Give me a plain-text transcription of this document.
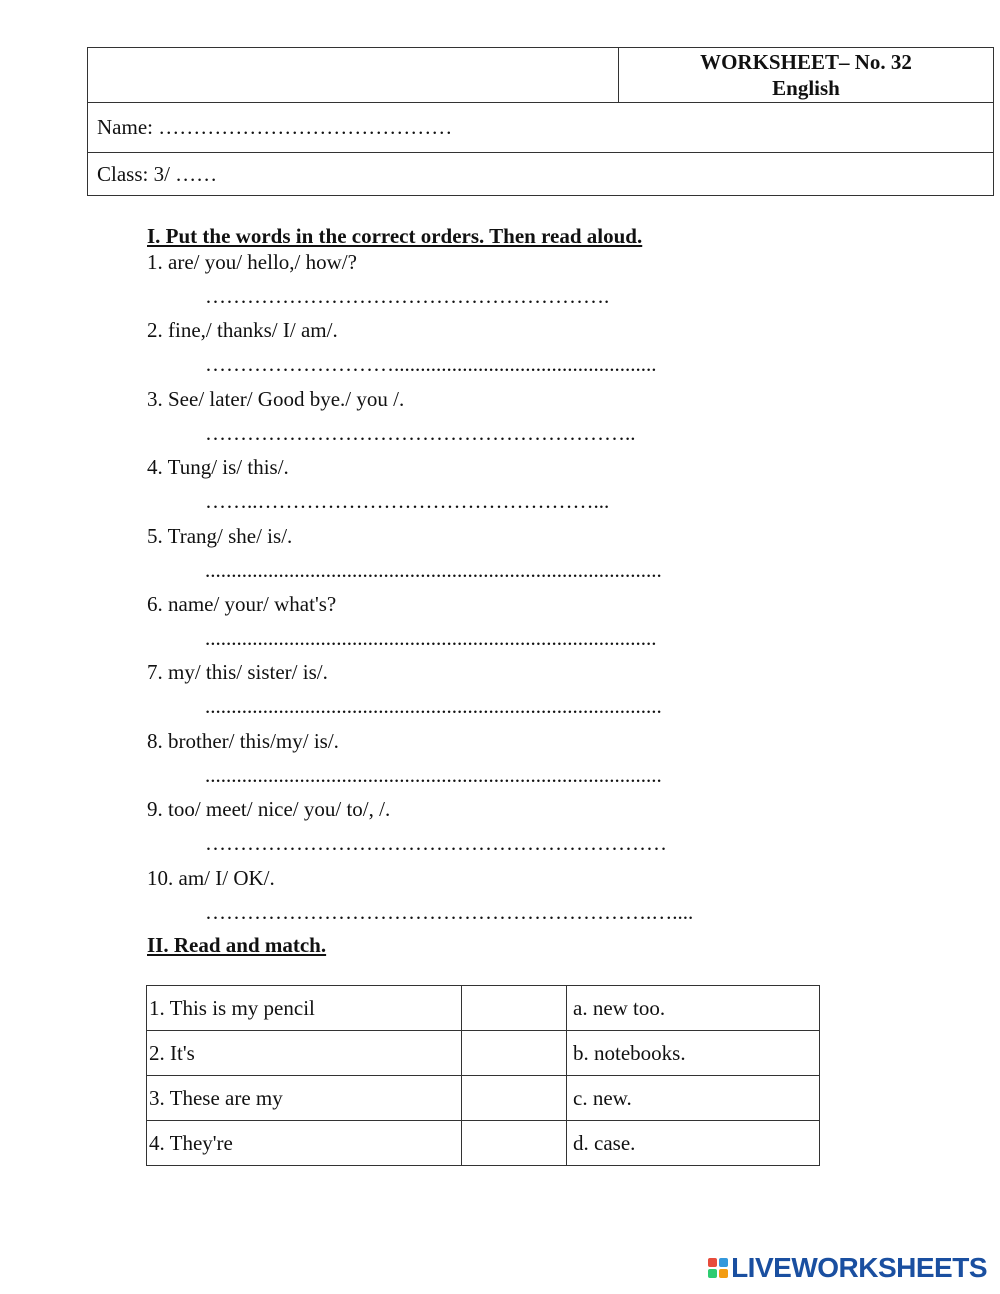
WORKSHEET– No. 32
English

Name: ……………………………………
Class: 3/ ……
I. Put the words in the correct orders. Then read aloud.
1. are/ you/ hello,/ how/?
………………………………………………….
2. fine,/ thanks/ I/ am/.
………………………..................................................
3. See/ later/ Good bye./ you /.
……………………………………………………..
4. Tung/ is/ this/.
……..…………………………………………...
5. Trang/ she/ is/.
.......................................................................................
6. name/ your/ what's?
......................................................................................
7. my/ this/ sister/ is/.
.......................................................................................
8. brother/ this/my/ is/.
.......................................................................................
9. too/ meet/ nice/ you/ to/, /.
…………………………………………………………
10. am/ I/ OK/.
……………………………………………………….…....
II. Read and match.
1. This is my pencil		a. new too.
2. It's		b. notebooks.
3. These are my		c. new.
4. They're		d. case.
LIVEWORKSHEETS
